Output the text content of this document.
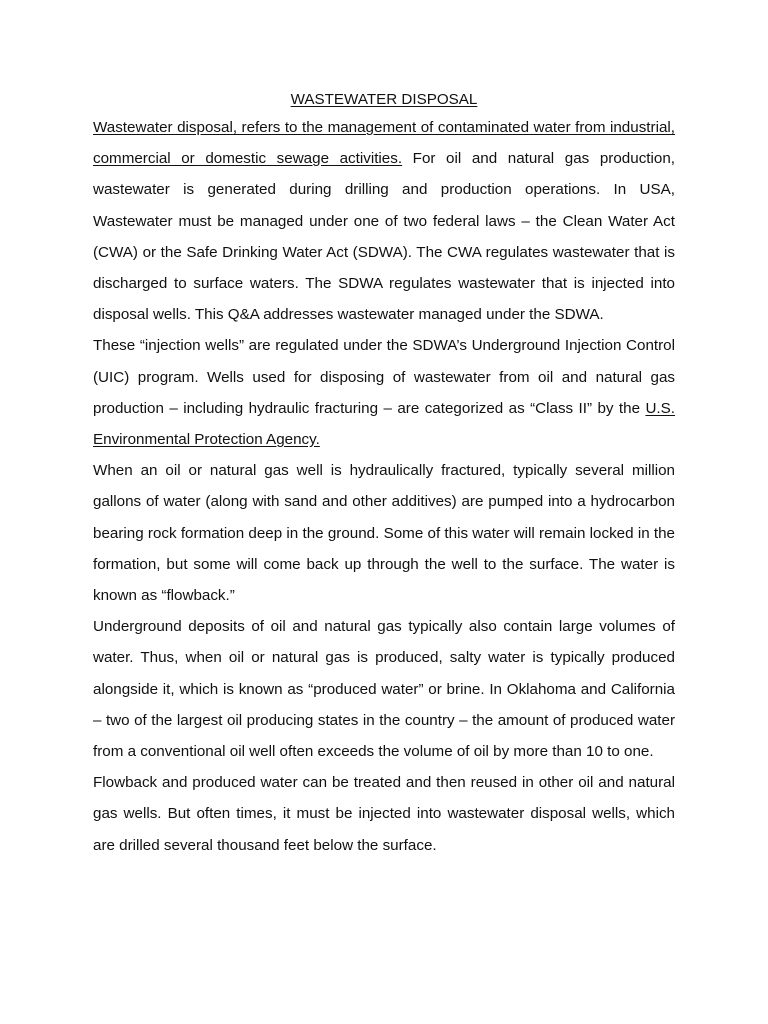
WASTEWATER DISPOSAL

Wastewater disposal, refers to the management of contaminated water from industrial, commercial or domestic sewage activities. For oil and natural gas production, wastewater is generated during drilling and production operations. In USA, Wastewater must be managed under one of two federal laws – the Clean Water Act (CWA) or the Safe Drinking Water Act (SDWA). The CWA regulates wastewater that is discharged to surface waters. The SDWA regulates wastewater that is injected into disposal wells. This Q&A addresses wastewater managed under the SDWA.

These “injection wells” are regulated under the SDWA’s Underground Injection Control (UIC) program. Wells used for disposing of wastewater from oil and natural gas production – including hydraulic fracturing – are categorized as “Class II” by the U.S. Environmental Protection Agency.

When an oil or natural gas well is hydraulically fractured, typically several million gallons of water (along with sand and other additives) are pumped into a hydrocarbon bearing rock formation deep in the ground. Some of this water will remain locked in the formation, but some will come back up through the well to the surface. The water is known as “flowback.”

Underground deposits of oil and natural gas typically also contain large volumes of water. Thus, when oil or natural gas is produced, salty water is typically produced alongside it, which is known as “produced water” or brine. In Oklahoma and California – two of the largest oil producing states in the country – the amount of produced water from a conventional oil well often exceeds the volume of oil by more than 10 to one.

Flowback and produced water can be treated and then reused in other oil and natural gas wells. But often times, it must be injected into wastewater disposal wells, which are drilled several thousand feet below the surface.
